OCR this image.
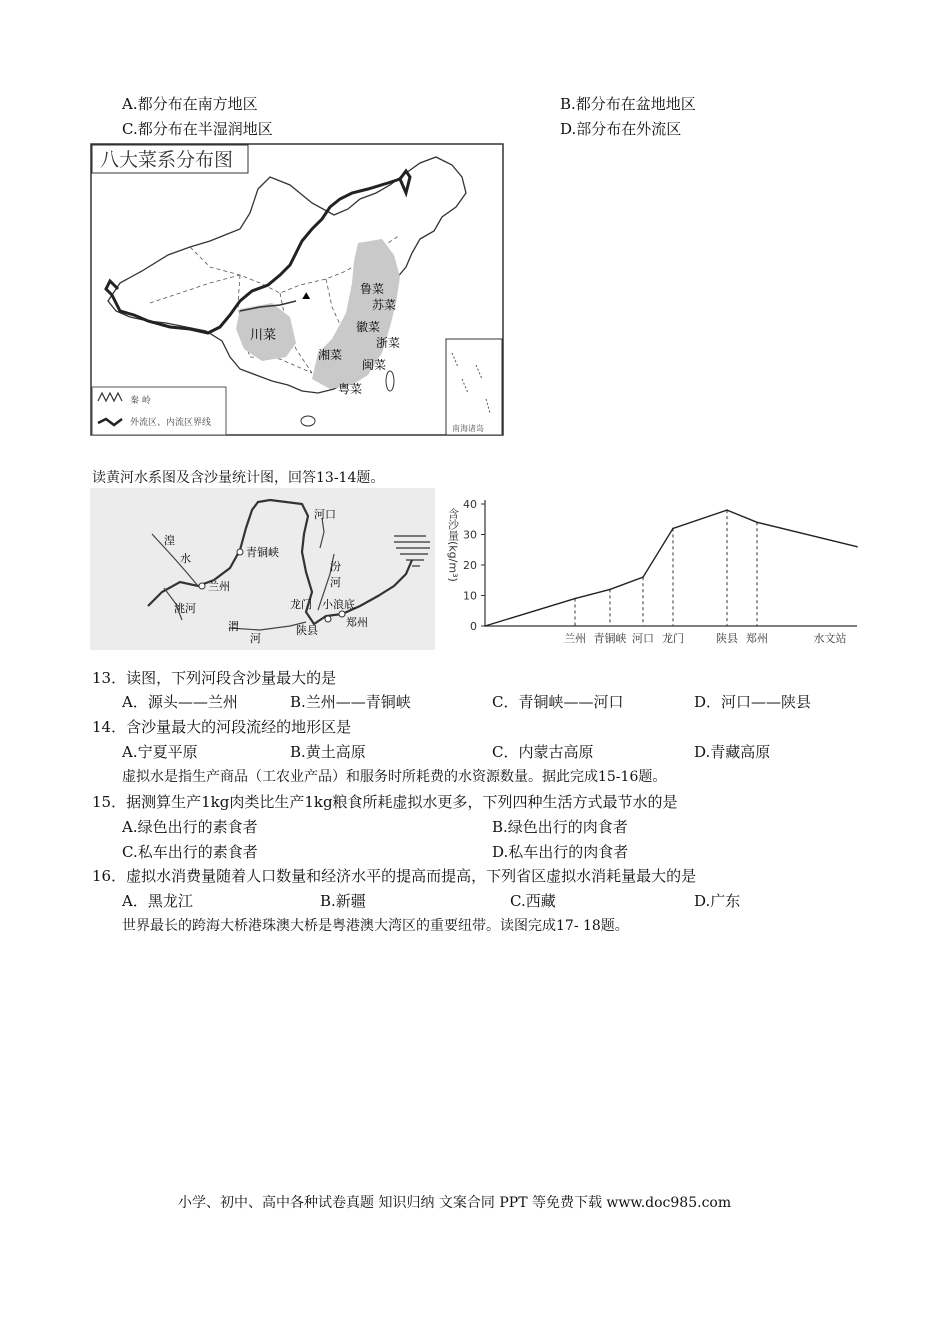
A.都分布在南方地区	B.都分布在盆地地区
C.都分布在半湿润地区	D.部分布在外流区
八大菜系分布图
⛰
鲁菜
苏菜
徽菜
浙菜
川菜
湘菜
闽菜
粤菜
秦 岭
外流区、内流区界线
南海诸岛
读黄河水系图及含沙量统计图，回答13-14题。
河口
青铜峡
湟
水
兰州
洮河
汾
河
龙门 小浪底
郑州
陕县
渭
河
0
10
20
30
40
含沙量(kg/m³)
兰州 青铜峡 河口 龙门	陕县 郑州	水文站
13．读图，下列河段含沙量最大的是
A．源头——兰州	B.兰州——青铜峡	C．青铜峡——河口	D．河口——陕县
14．含沙量最大的河段流经的地形区是
A.宁夏平原	B.黄土高原	C．内蒙古高原	D.青藏高原
虚拟水是指生产商品（工农业产品）和服务时所耗费的水资源数量。据此完成15-16题。
15．据测算生产1kg肉类比生产1kg粮食所耗虚拟水更多，下列四种生活方式最节水的是
A.绿色出行的素食者	B.绿色出行的肉食者
C.私车出行的素食者	D.私车出行的肉食者
16．虚拟水消费量随着人口数量和经济水平的提高而提高，下列省区虚拟水消耗量最大的是
A．黑龙江	B.新疆	C.西藏	D.广东
世界最长的跨海大桥港珠澳大桥是粤港澳大湾区的重要纽带。读图完成17- 18题。
小学、初中、高中各种试卷真题 知识归纳 文案合同 PPT 等免费下载 www.doc985.com
